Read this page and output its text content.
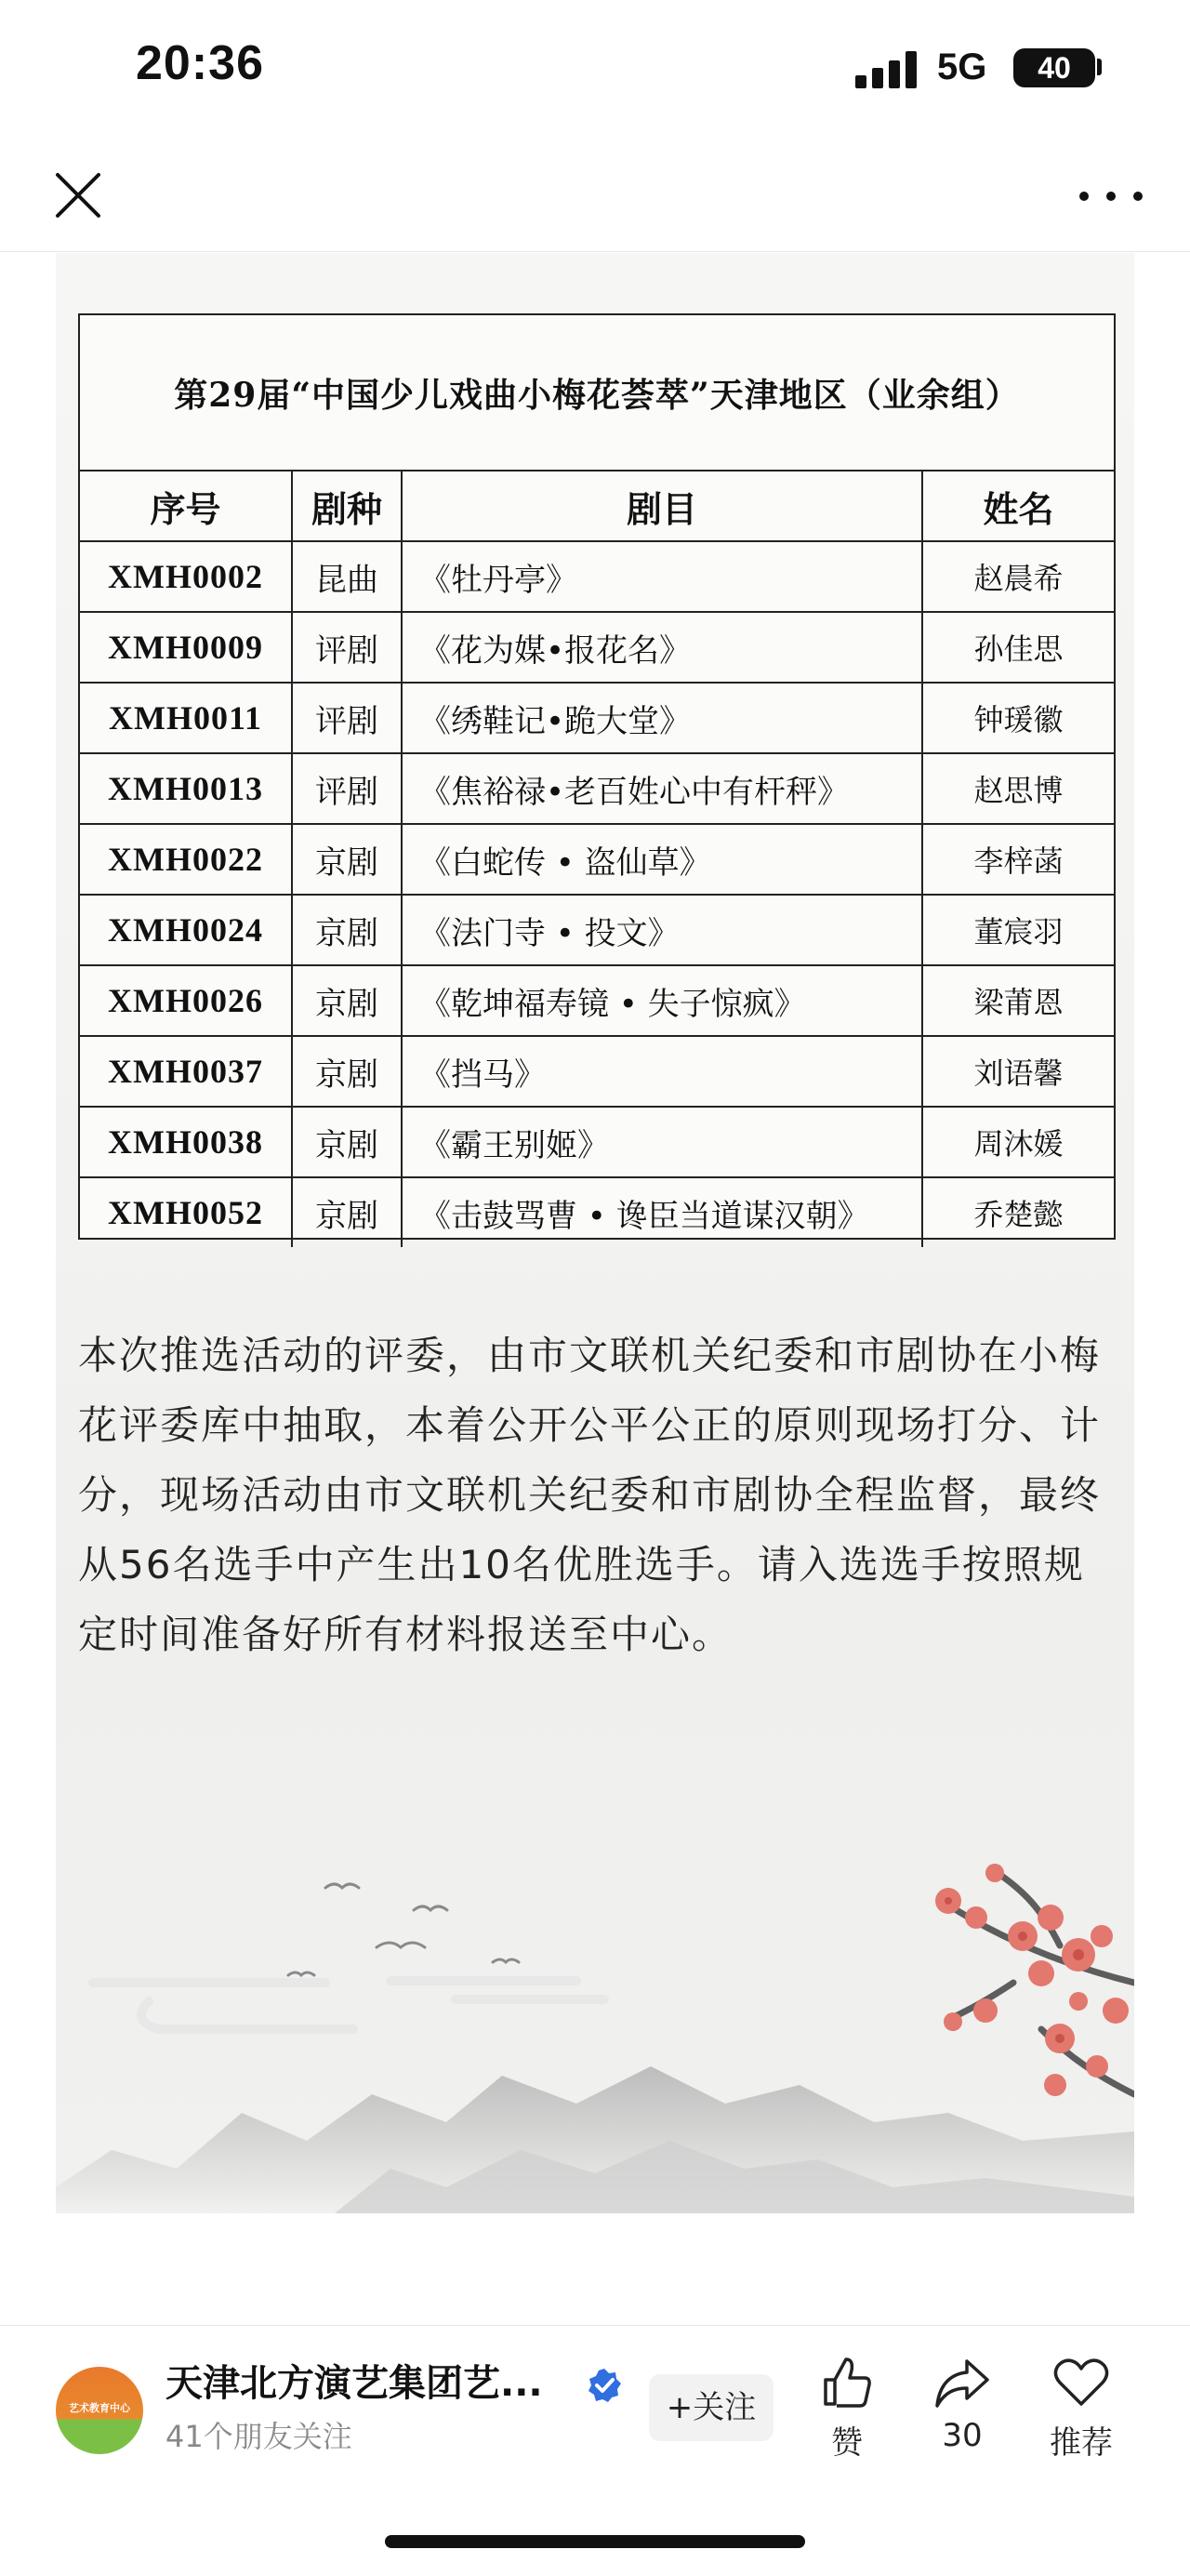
20:36	5G	40
第29届“中国少儿戏曲小梅花荟萃”天津地区（业余组）
序号	剧种	剧目	姓名
XMH0002	昆曲	《牡丹亭》	赵晨希
XMH0009	评剧	《花为媒•报花名》	孙佳思
XMH0011	评剧	《绣鞋记•跪大堂》	钟瑗徽
XMH0013	评剧	《焦裕禄•老百姓心中有杆秤》	赵思博
XMH0022	京剧	《白蛇传 • 盗仙草》	李梓菡
XMH0024	京剧	《法门寺 • 投文》	董宸羽
XMH0026	京剧	《乾坤福寿镜 • 失子惊疯》	梁莆恩
XMH0037	京剧	《挡马》	刘语馨
XMH0038	京剧	《霸王别姬》	周沐媛
XMH0052	京剧	《击鼓骂曹 • 谗臣当道谋汉朝》	乔楚懿
本次推选活动的评委，由市文联机关纪委和市剧协在小梅花评委库中抽取，本着公开公平公正的原则现场打分、计分，现场活动由市文联机关纪委和市剧协全程监督，最终从56名选手中产生出10名优胜选手。请入选选手按照规定时间准备好所有材料报送至中心。
艺术教育中心
天津北方演艺集团艺...
41个朋友关注
+关注
赞	30	推荐
